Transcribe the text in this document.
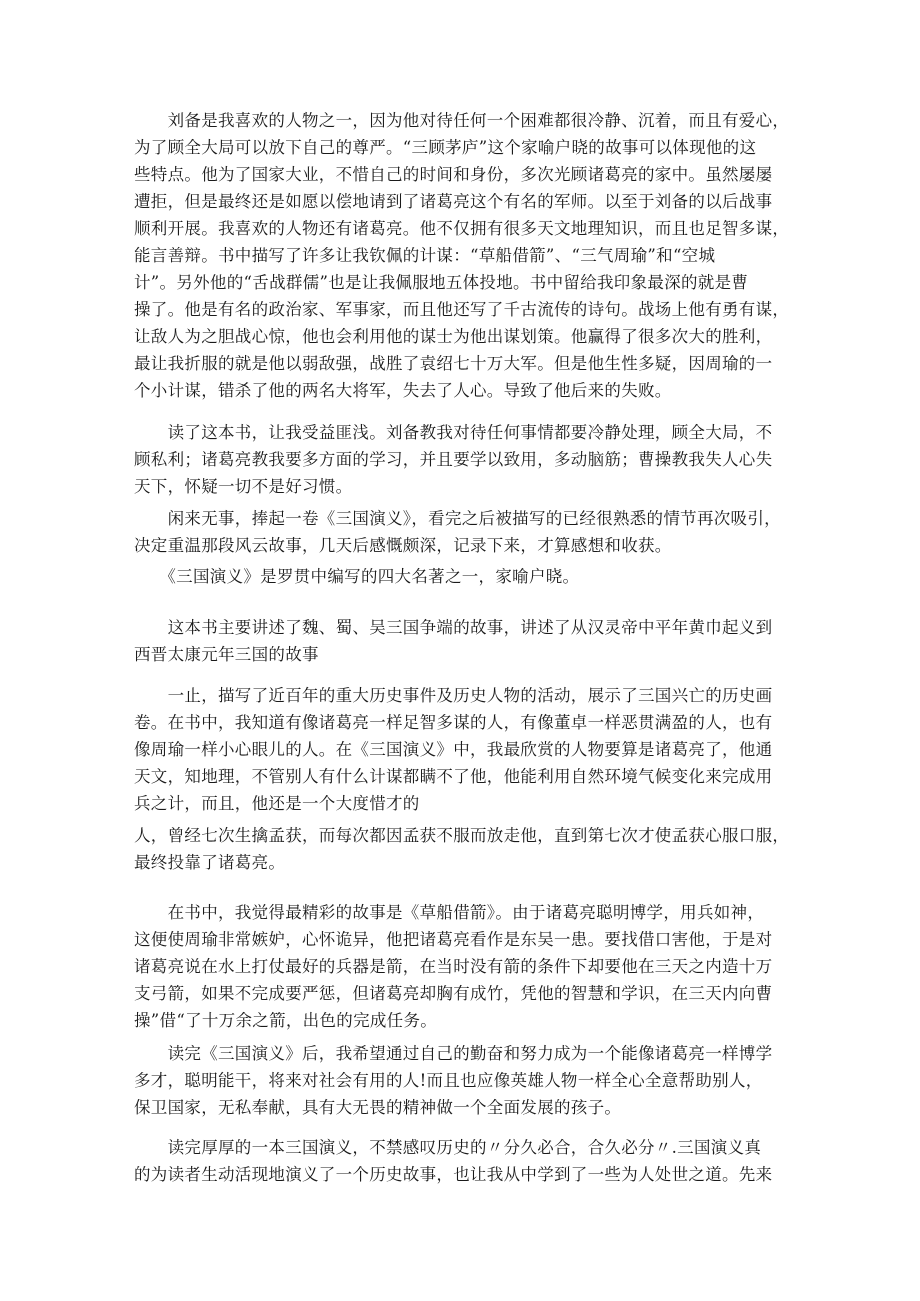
　　刘备是我喜欢的人物之一，因为他对待任何一个困难都很冷静、沉着，而且有爱心，
为了顾全大局可以放下自己的尊严。“三顾茅庐”这个家喻户晓的故事可以体现他的这
些特点。他为了国家大业，不惜自己的时间和身份，多次光顾诸葛亮的家中。虽然屡屡
遭拒，但是最终还是如愿以偿地请到了诸葛亮这个有名的军师。以至于刘备的以后战事
顺利开展。我喜欢的人物还有诸葛亮。他不仅拥有很多天文地理知识，而且也足智多谋，
能言善辩。书中描写了许多让我钦佩的计谋：“草船借箭”、“三气周瑜”和“空城
计”。另外他的“舌战群儒”也是让我佩服地五体投地。书中留给我印象最深的就是曹
操了。他是有名的政治家、军事家，而且他还写了千古流传的诗句。战场上他有勇有谋，
让敌人为之胆战心惊，他也会利用他的谋士为他出谋划策。他赢得了很多次大的胜利，
最让我折服的就是他以弱敌强，战胜了袁绍七十万大军。但是他生性多疑，因周瑜的一
个小计谋，错杀了他的两名大将军，失去了人心。导致了他后来的失败。
　　读了这本书，让我受益匪浅。刘备教我对待任何事情都要冷静处理，顾全大局，不
顾私利；诸葛亮教我要多方面的学习，并且要学以致用，多动脑筋；曹操教我失人心失
天下，怀疑一切不是好习惯。
　　闲来无事，捧起一卷《三国演义》，看完之后被描写的已经很熟悉的情节再次吸引，
决定重温那段风云故事，几天后感慨颇深，记录下来，才算感想和收获。
　　《三国演义》是罗贯中编写的四大名著之一，家喻户晓。
　　这本书主要讲述了魏、蜀、吴三国争端的故事，讲述了从汉灵帝中平年黄巾起义到
西晋太康元年三国的故事
　　一止，描写了近百年的重大历史事件及历史人物的活动，展示了三国兴亡的历史画
卷。在书中，我知道有像诸葛亮一样足智多谋的人，有像董卓一样恶贯满盈的人，也有
像周瑜一样小心眼儿的人。在《三国演义》中，我最欣赏的人物要算是诸葛亮了，他通
天文，知地理，不管别人有什么计谋都瞒不了他，他能利用自然环境气候变化来完成用
兵之计，而且，他还是一个大度惜才的
人，曾经七次生擒孟获，而每次都因孟获不服而放走他，直到第七次才使孟获心服口服，
最终投靠了诸葛亮。
　　在书中，我觉得最精彩的故事是《草船借箭》。由于诸葛亮聪明博学，用兵如神，
这便使周瑜非常嫉妒，心怀诡异，他把诸葛亮看作是东吴一患。要找借口害他，于是对
诸葛亮说在水上打仗最好的兵器是箭，在当时没有箭的条件下却要他在三天之内造十万
支弓箭，如果不完成要严惩，但诸葛亮却胸有成竹，凭他的智慧和学识，在三天内向曹
操”借“了十万余之箭，出色的完成任务。
　　读完《三国演义》后，我希望通过自己的勤奋和努力成为一个能像诸葛亮一样博学
多才，聪明能干，将来对社会有用的人!而且也应像英雄人物一样全心全意帮助别人，
保卫国家，无私奉献，具有大无畏的精神做一个全面发展的孩子。
　　读完厚厚的一本三国演义，不禁感叹历史的〃分久必合，合久必分〃.三国演义真
的为读者生动活现地演义了一个历史故事，也让我从中学到了一些为人处世之道。先来
